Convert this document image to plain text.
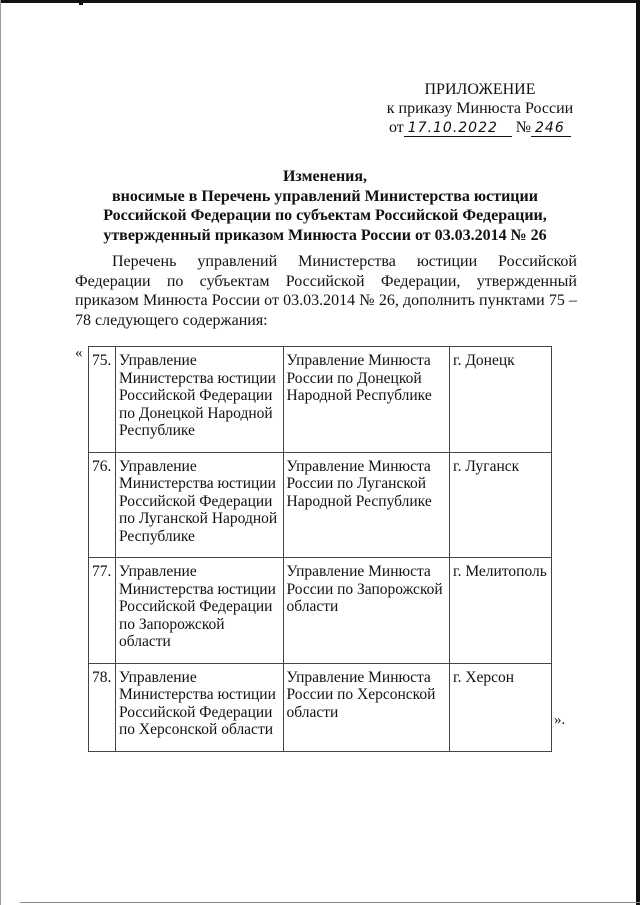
ПРИЛОЖЕНИЕ
к приказу Минюста России
от 17.10.2022 № 246
Изменения,
вносимые в Перечень управлений Министерства юстиции
Российской Федерации по субъектам Российской Федерации,
утвержденный приказом Минюста России от 03.03.2014 № 26

Перечень управлений Министерства юстиции Российской Федерации по субъектам Российской Федерации, утвержденный приказом Минюста России от 03.03.2014 № 26, дополнить пунктами 75 – 78 следующего содержания:

« 75.	Управление Министерства юстиции Российской Федерации по Донецкой Народной Республике	Управление Минюста России по Донецкой Народной Республике	г. Донецк
76.	Управление Министерства юстиции Российской Федерации по Луганской Народной Республике	Управление Минюста России по Луганской Народной Республике	г. Луганск
77.	Управление Министерства юстиции Российской Федерации по Запорожской области	Управление Минюста России по Запорожской области	г. Мелитополь
78.	Управление Министерства юстиции Российской Федерации по Херсонской области	Управление Минюста России по Херсонской области	г. Херсон
».
